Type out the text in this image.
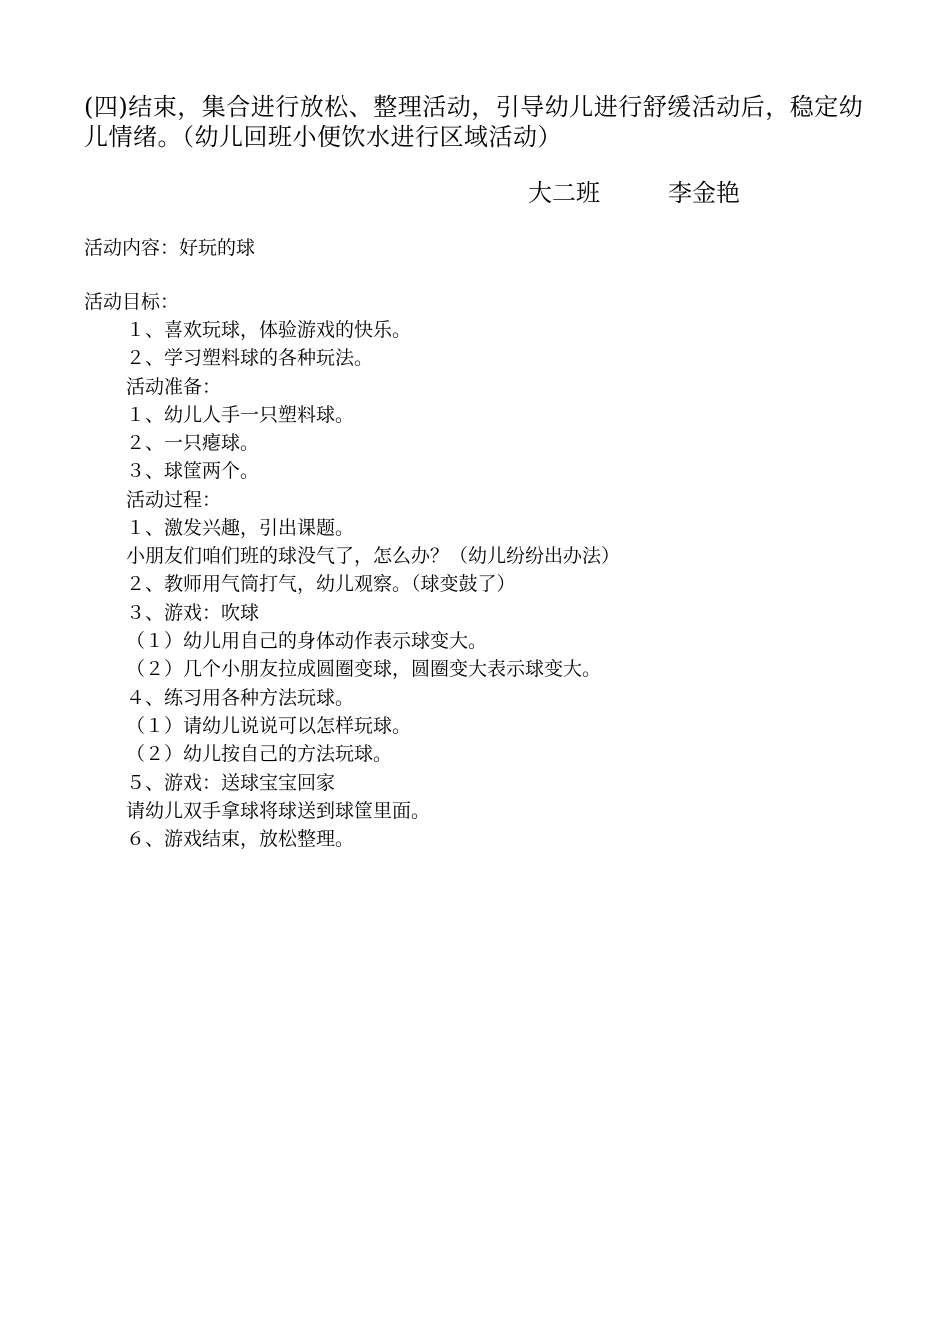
(四)结束，集合进行放松、整理活动，引导幼儿进行舒缓活动后，稳定幼

儿情绪。（幼儿回班小便饮水进行区域活动）

大二班	李金艳
活动内容：好玩的球
活动目标：
１、喜欢玩球，体验游戏的快乐。
２、学习塑料球的各种玩法。
活动准备：
１、幼儿人手一只塑料球。
２、一只瘪球。
３、球筐两个。
活动过程：
１、激发兴趣，引出课题。
小朋友们咱们班的球没气了，怎么办？（幼儿纷纷出办法）
２、教师用气筒打气，幼儿观察。（球变鼓了）
３、游戏：吹球
（１）幼儿用自己的身体动作表示球变大。
（２）几个小朋友拉成圆圈变球，圆圈变大表示球变大。
４、练习用各种方法玩球。
（１）请幼儿说说可以怎样玩球。
（２）幼儿按自己的方法玩球。
５、游戏：送球宝宝回家
请幼儿双手拿球将球送到球筐里面。
６、游戏结束，放松整理。
